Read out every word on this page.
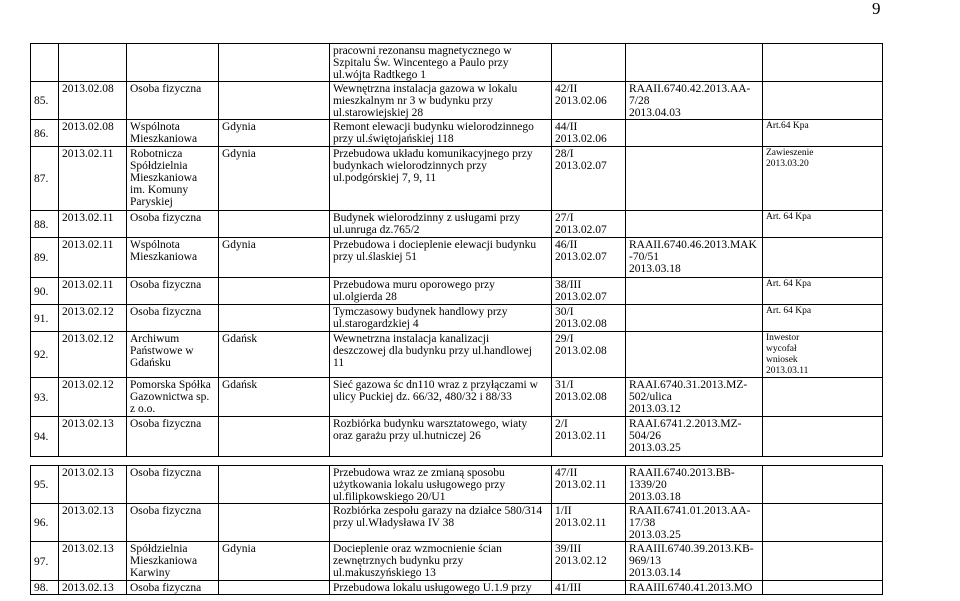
9

				pracowni rezonansu magnetycznego w
Szpitalu Św. Wincentego a Paulo przy
ul.wójta Radtkego 1			

85.	2013.02.08	Osoba fizyczna		Wewnętrzna instalacja gazowa w lokalu
mieszkalnym nr 3 w budynku przy
ul.starowiejskiej 28	42/II
2013.02.06	RAAII.6740.42.2013.AA-
7/28
2013.04.03	

86.	2013.02.08	Wspólnota
Mieszkaniowa	Gdynia	Remont elewacji budynku wielorodzinnego
przy ul.świętojańskiej 118	44/II
2013.02.06		Art.64 Kpa

87.	2013.02.11	Robotnicza
Spółdzielnia
Mieszkaniowa
im. Komuny
Paryskiej	Gdynia	Przebudowa układu komunikacyjnego przy
budynkach wielorodzinnych przy
ul.podgórskiej 7, 9, 11	28/I
2013.02.07		Zawieszenie
2013.03.20

88.	2013.02.11	Osoba fizyczna		Budynek wielorodzinny z usługami przy
ul.unruga dz.765/2	27/I
2013.02.07		Art. 64 Kpa

89.	2013.02.11	Wspólnota
Mieszkaniowa	Gdynia	Przebudowa i docieplenie elewacji budynku
przy ul.ślaskiej 51	46/II
2013.02.07	RAAII.6740.46.2013.MAK
-70/51
2013.03.18	

90.	2013.02.11	Osoba fizyczna		Przebudowa muru oporowego przy
ul.olgierda 28	38/III
2013.02.07		Art. 64 Kpa

91.	2013.02.12	Osoba fizyczna		Tymczasowy budynek handlowy przy
ul.starogardzkiej 4	30/I
2013.02.08		Art. 64 Kpa

92.	2013.02.12	Archiwum
Państwowe w
Gdańsku	Gdańsk	Wewnetrzna instalacja kanalizacji
deszczowej dla budynku przy ul.handlowej
11	29/I
2013.02.08		Inwestor
wycofał
wniosek
2013.03.11

93.	2013.02.12	Pomorska Spółka
Gazownictwa sp.
z o.o.	Gdańsk	Sieć gazowa śc dn110 wraz z przyłączami w
ulicy Puckiej dz. 66/32, 480/32 i 88/33	31/I
2013.02.08	RAAI.6740.31.2013.MZ-
502/ulica
2013.03.12	

94.	2013.02.13	Osoba fizyczna		Rozbiórka budynku warsztatowego, wiaty
oraz garażu przy ul.hutniczej 26	2/I
2013.02.11	RAAI.6741.2.2013.MZ-
504/26
2013.03.25	

95.	2013.02.13	Osoba fizyczna		Przebudowa wraz ze zmianą sposobu
użytkowania lokalu usługowego przy
ul.filipkowskiego 20/U1	47/II
2013.02.11	RAAII.6740.2013.BB-
1339/20
2013.03.18	

96.	2013.02.13	Osoba fizyczna		Rozbiórka zespołu garazy na działce 580/314
przy ul.Władysława IV 38	1/II
2013.02.11	RAAII.6741.01.2013.AA-
17/38
2013.03.25	

97.	2013.02.13	Spółdzielnia
Mieszkaniowa
Karwiny	Gdynia	Docieplenie oraz wzmocnienie ścian
zewnętrznych budynku przy
ul.makuszyńskiego 13	39/III
2013.02.12	RAAIII.6740.39.2013.KB-
969/13
2013.03.14	

98.	2013.02.13	Osoba fizyczna		Przebudowa lokalu usługowego U.1.9 przy	41/III	RAAIII.6740.41.2013.MO	
